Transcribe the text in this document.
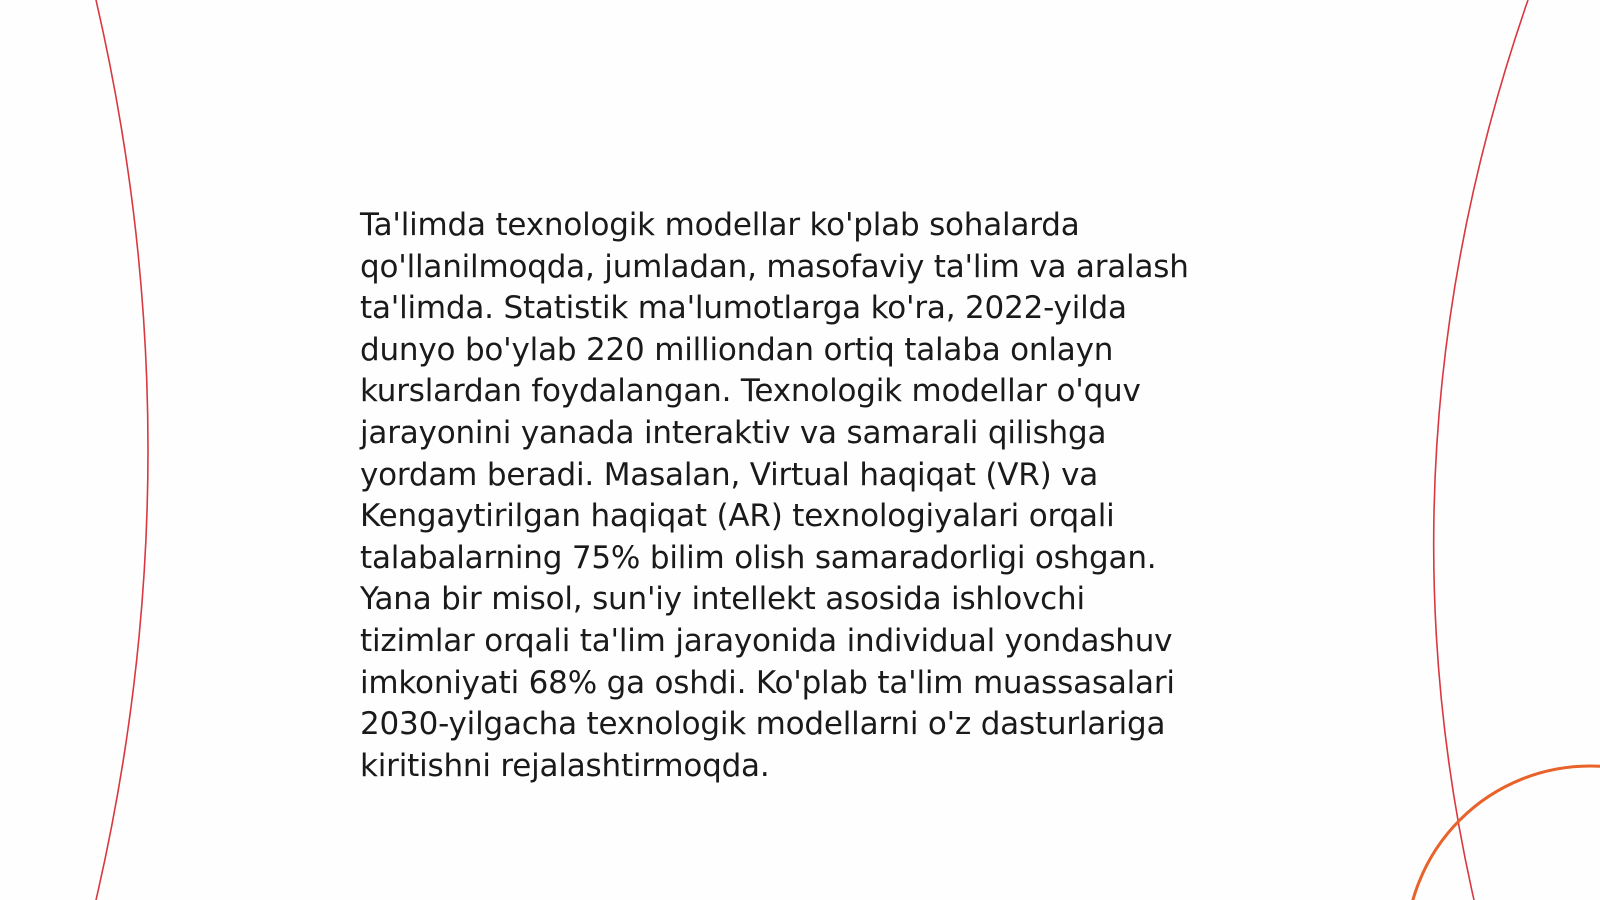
Ta'limda texnologik modellar ko'plab sohalarda
qo'llanilmoqda, jumladan, masofaviy ta'lim va aralash
ta'limda. Statistik ma'lumotlarga ko'ra, 2022-yilda
dunyo bo'ylab 220 milliondan ortiq talaba onlayn
kurslardan foydalangan. Texnologik modellar o'quv
jarayonini yanada interaktiv va samarali qilishga
yordam beradi. Masalan, Virtual haqiqat (VR) va
Kengaytirilgan haqiqat (AR) texnologiyalari orqali
talabalarning 75% bilim olish samaradorligi oshgan.
Yana bir misol, sun'iy intellekt asosida ishlovchi
tizimlar orqali ta'lim jarayonida individual yondashuv
imkoniyati 68% ga oshdi. Ko'plab ta'lim muassasalari
2030-yilgacha texnologik modellarni o'z dasturlariga
kiritishni rejalashtirmoqda.
